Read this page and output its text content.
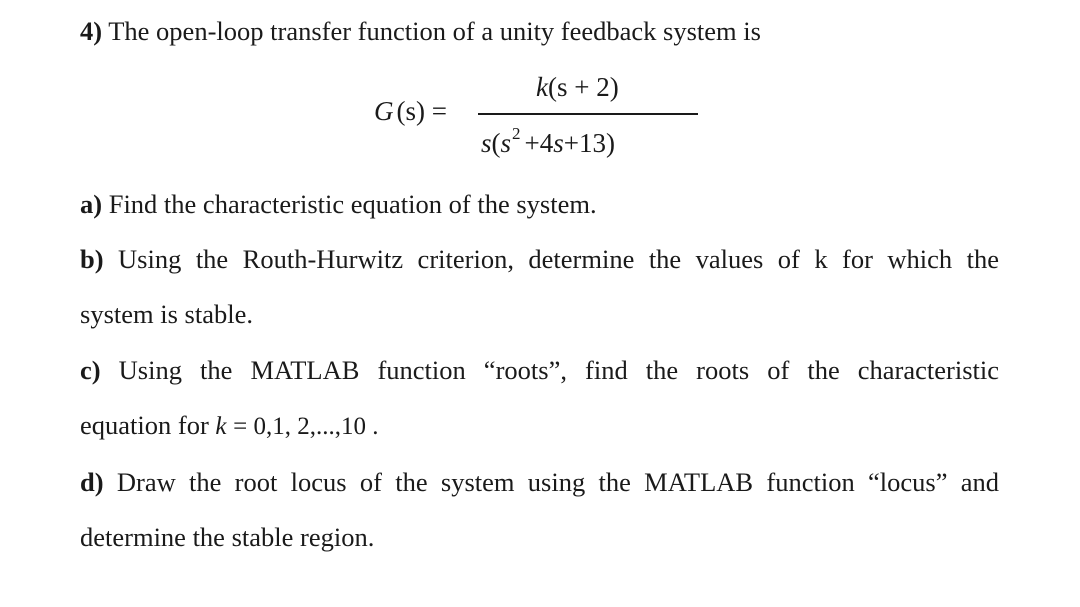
4) The open-loop transfer function of a unity feedback system is
G (s) =
k(s + 2)
$s(s^2 +4s+13)$
a) Find the characteristic equation of the system.
b) Using the Routh-Hurwitz criterion, determine the values of k for which the
system is stable.
c) Using the MATLAB function “roots”, find the roots of the characteristic
equation for k = 0,1, 2,...,10 .
d) Draw the root locus of the system using the MATLAB function “locus” and
determine the stable region.
